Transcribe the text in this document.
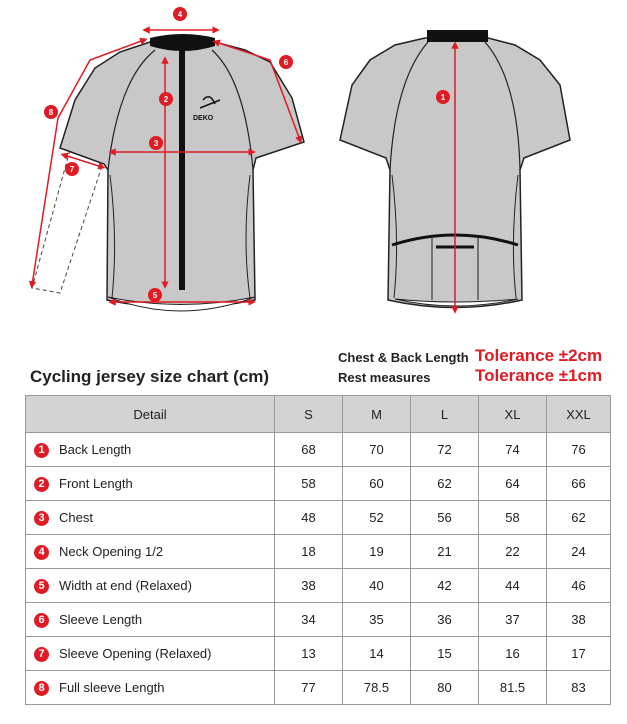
DEKO
4
2
3
5
6
7
8
1
Chest & Back Length Tolerance ±2cm
Rest measures	Tolerance ±1cm
Cycling jersey size chart (cm)
Detail	S	M	L	XL	XXL
1 Back Length	68	70	72	74	76
2 Front Length	58	60	62	64	66
3 Chest	48	52	56	58	62
4 Neck Opening 1/2	18	19	21	22	24
5 Width at end (Relaxed)	38	40	42	44	46
6 Sleeve Length	34	35	36	37	38
7 Sleeve Opening (Relaxed)	13	14	15	16	17
8 Full sleeve Length	77	78.5	80	81.5	83
